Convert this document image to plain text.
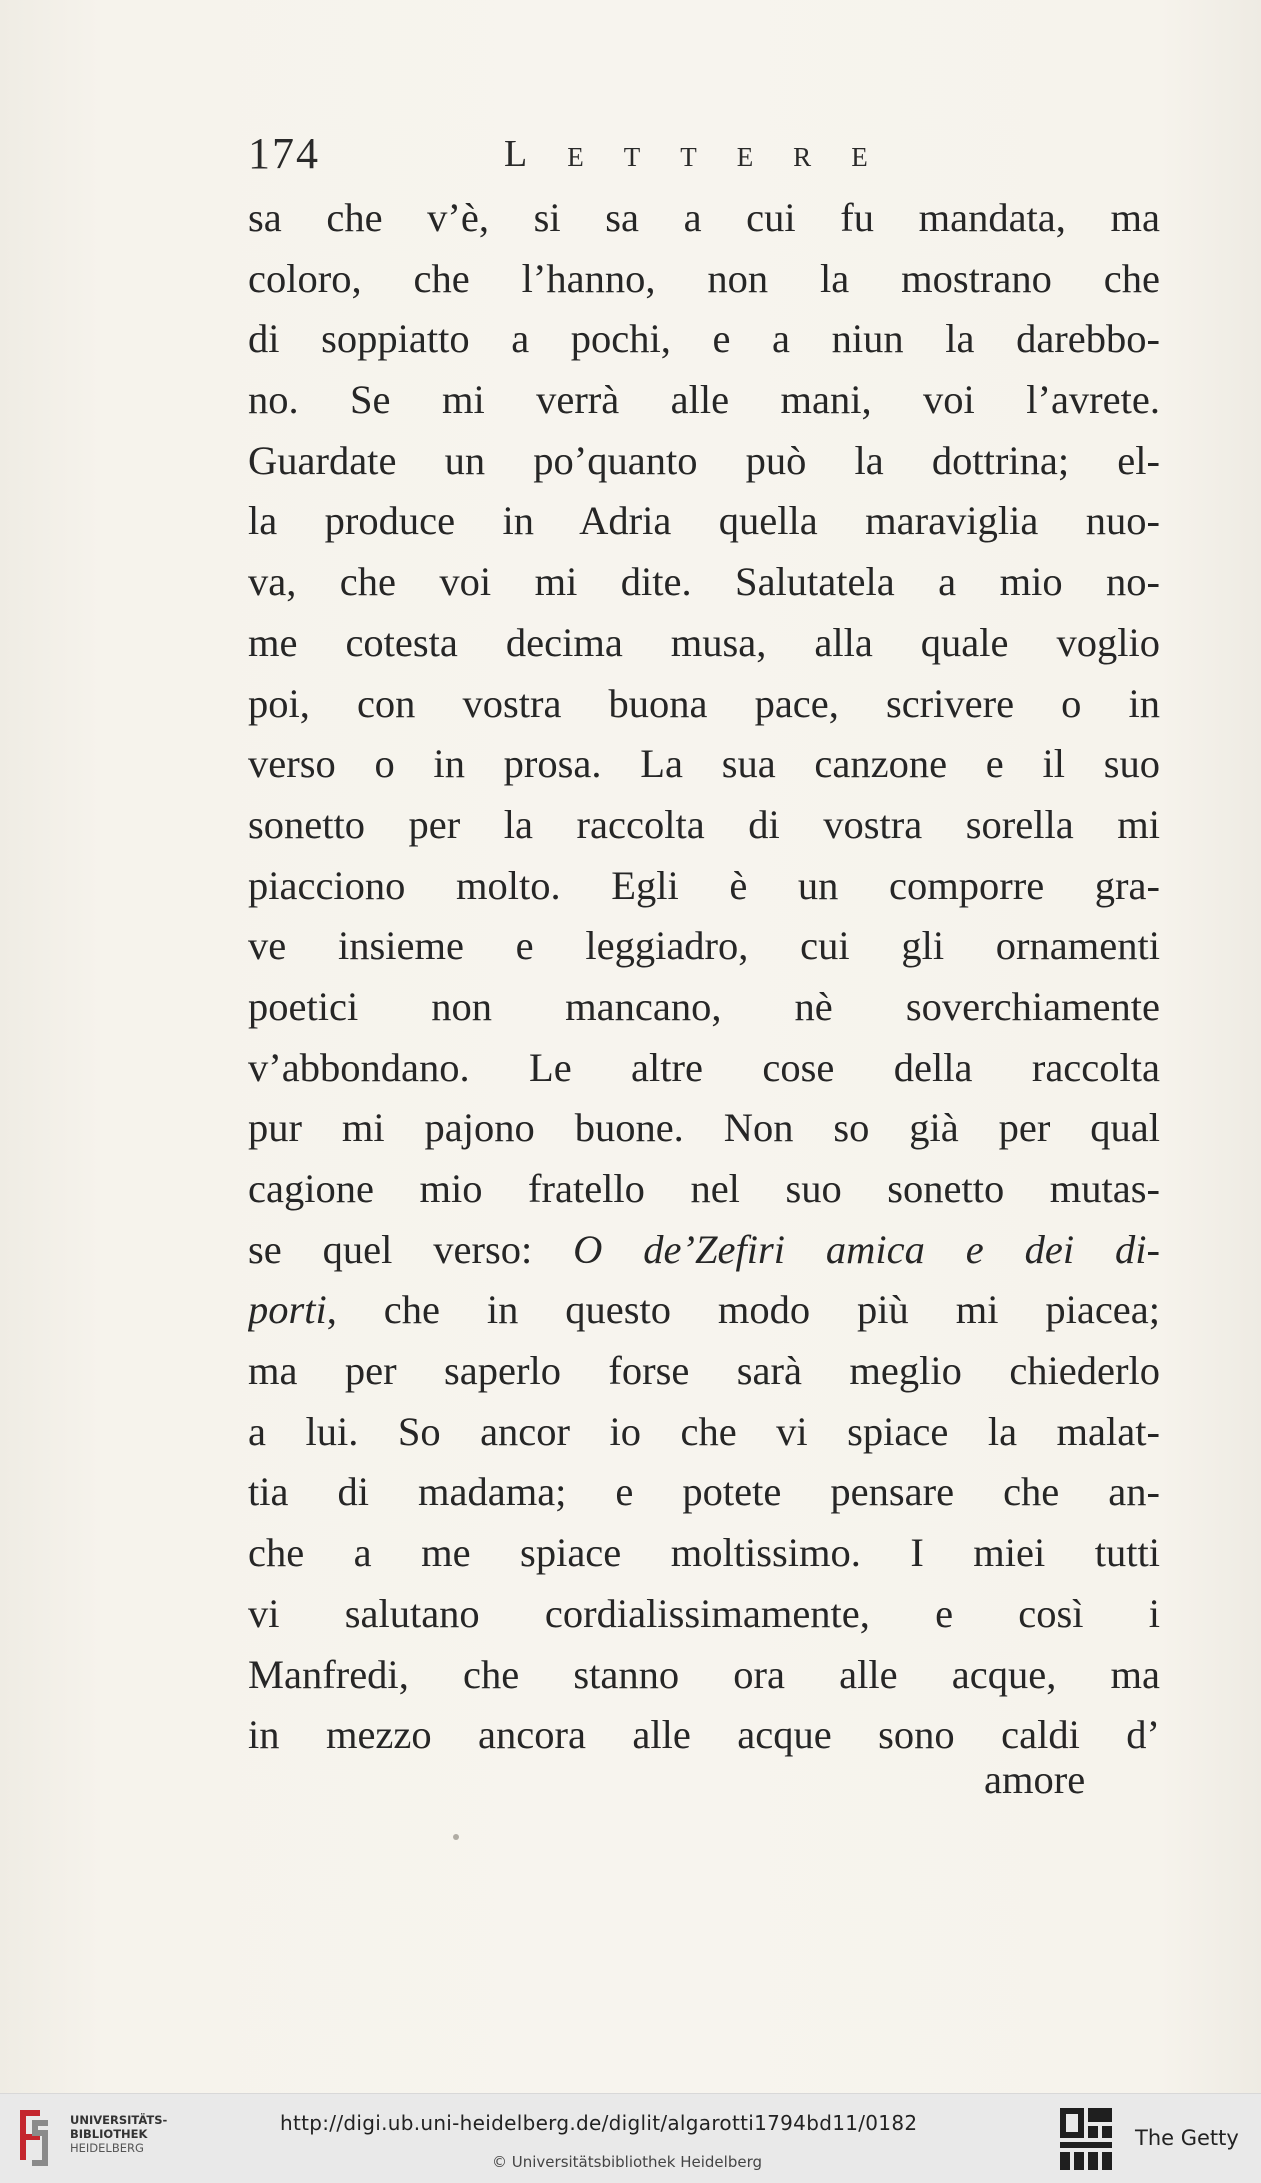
174	Lettere
sa che v’è, si sa a cui fu mandata, ma
coloro, che l’hanno, non la mostrano che
di soppiatto a pochi, e a niun la darebbo-
no. Se mi verrà alle mani, voi l’avrete.
Guardate un po’quanto può la dottrina; el-
la produce in Adria quella maraviglia nuo-
va, che voi mi dite. Salutatela a mio no-
me cotesta decima musa, alla quale voglio
poi, con vostra buona pace, scrivere o in
verso o in prosa. La sua canzone e il suo
sonetto per la raccolta di vostra sorella mi
piacciono molto. Egli è un comporre gra-
ve insieme e leggiadro, cui gli ornamenti
poetici non mancano, nè soverchiamente
v’abbondano. Le altre cose della raccolta
pur mi pajono buone. Non so già per qual
cagione mio fratello nel suo sonetto mutas-
se quel verso: O de’Zefiri amica e dei di-
porti, che in questo modo più mi piacea;
ma per saperlo forse sarà meglio chiederlo
a lui. So ancor io che vi spiace la malat-
tia di madama; e potete pensare che an-
che a me spiace moltissimo. I miei tutti
vi salutano cordialissimamente, e così i
Manfredi, che stanno ora alle acque, ma
in mezzo ancora alle acque sono caldi d’
amore
UNIVERSITÄTS-
BIBLIOTHEK
HEIDELBERG
http://digi.ub.uni-heidelberg.de/diglit/algarotti1794bd11/0182
© Universitätsbibliothek Heidelberg
The Getty
